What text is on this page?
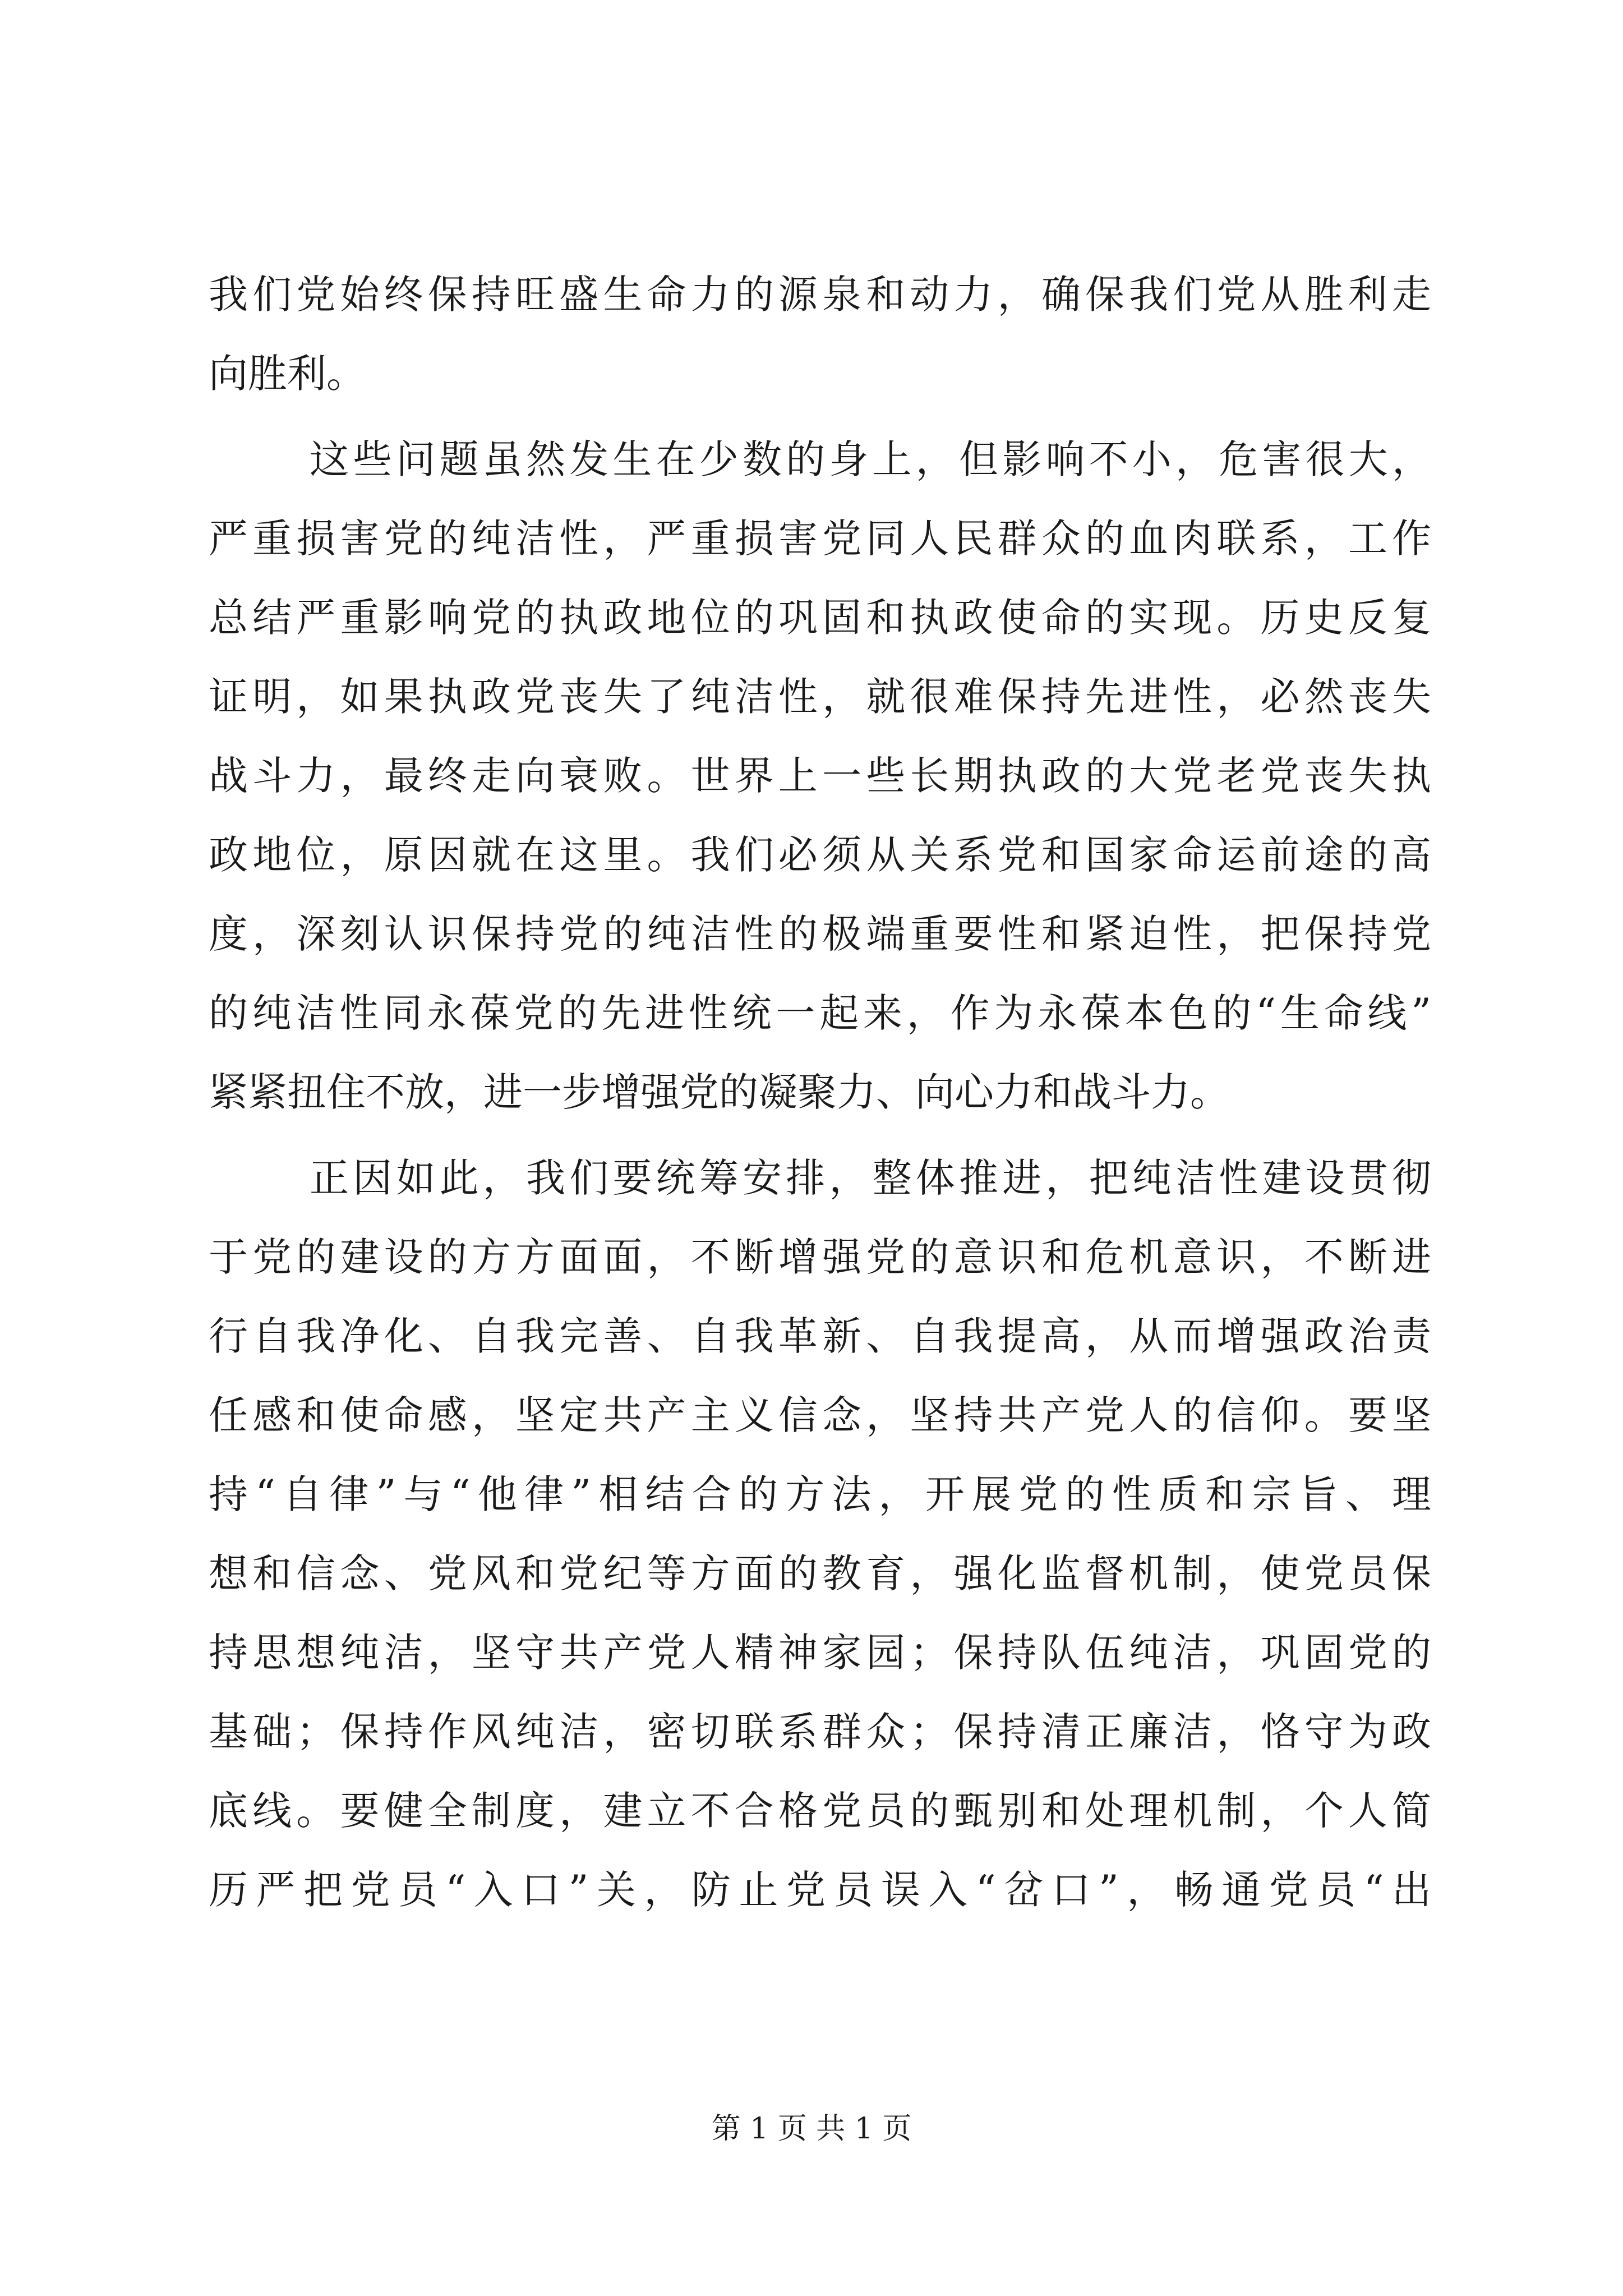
我们党始终保持旺盛生命力的源泉和动力，确保我们党从胜利走
向胜利。
这些问题虽然发生在少数的身上，但影响不小，危害很大，
严重损害党的纯洁性，严重损害党同人民群众的血肉联系，工作
总结严重影响党的执政地位的巩固和执政使命的实现。历史反复
证明，如果执政党丧失了纯洁性，就很难保持先进性，必然丧失
战斗力，最终走向衰败。世界上一些长期执政的大党老党丧失执
政地位，原因就在这里。我们必须从关系党和国家命运前途的高
度，深刻认识保持党的纯洁性的极端重要性和紧迫性，把保持党
的纯洁性同永葆党的先进性统一起来，作为永葆本色的“生命线”
紧紧扭住不放，进一步增强党的凝聚力、向心力和战斗力。
正因如此，我们要统筹安排，整体推进，把纯洁性建设贯彻
于党的建设的方方面面，不断增强党的意识和危机意识，不断进
行自我净化、自我完善、自我革新、自我提高，从而增强政治责
任感和使命感，坚定共产主义信念，坚持共产党人的信仰。要坚
持“自律”与“他律”相结合的方法，开展党的性质和宗旨、理
想和信念、党风和党纪等方面的教育，强化监督机制，使党员保
持思想纯洁，坚守共产党人精神家园；保持队伍纯洁，巩固党的
基础；保持作风纯洁，密切联系群众；保持清正廉洁，恪守为政
底线。要健全制度，建立不合格党员的甄别和处理机制，个人简
历严把党员“入口”关，防止党员误入“岔口”，畅通党员“出
第 1 页 共 1 页
